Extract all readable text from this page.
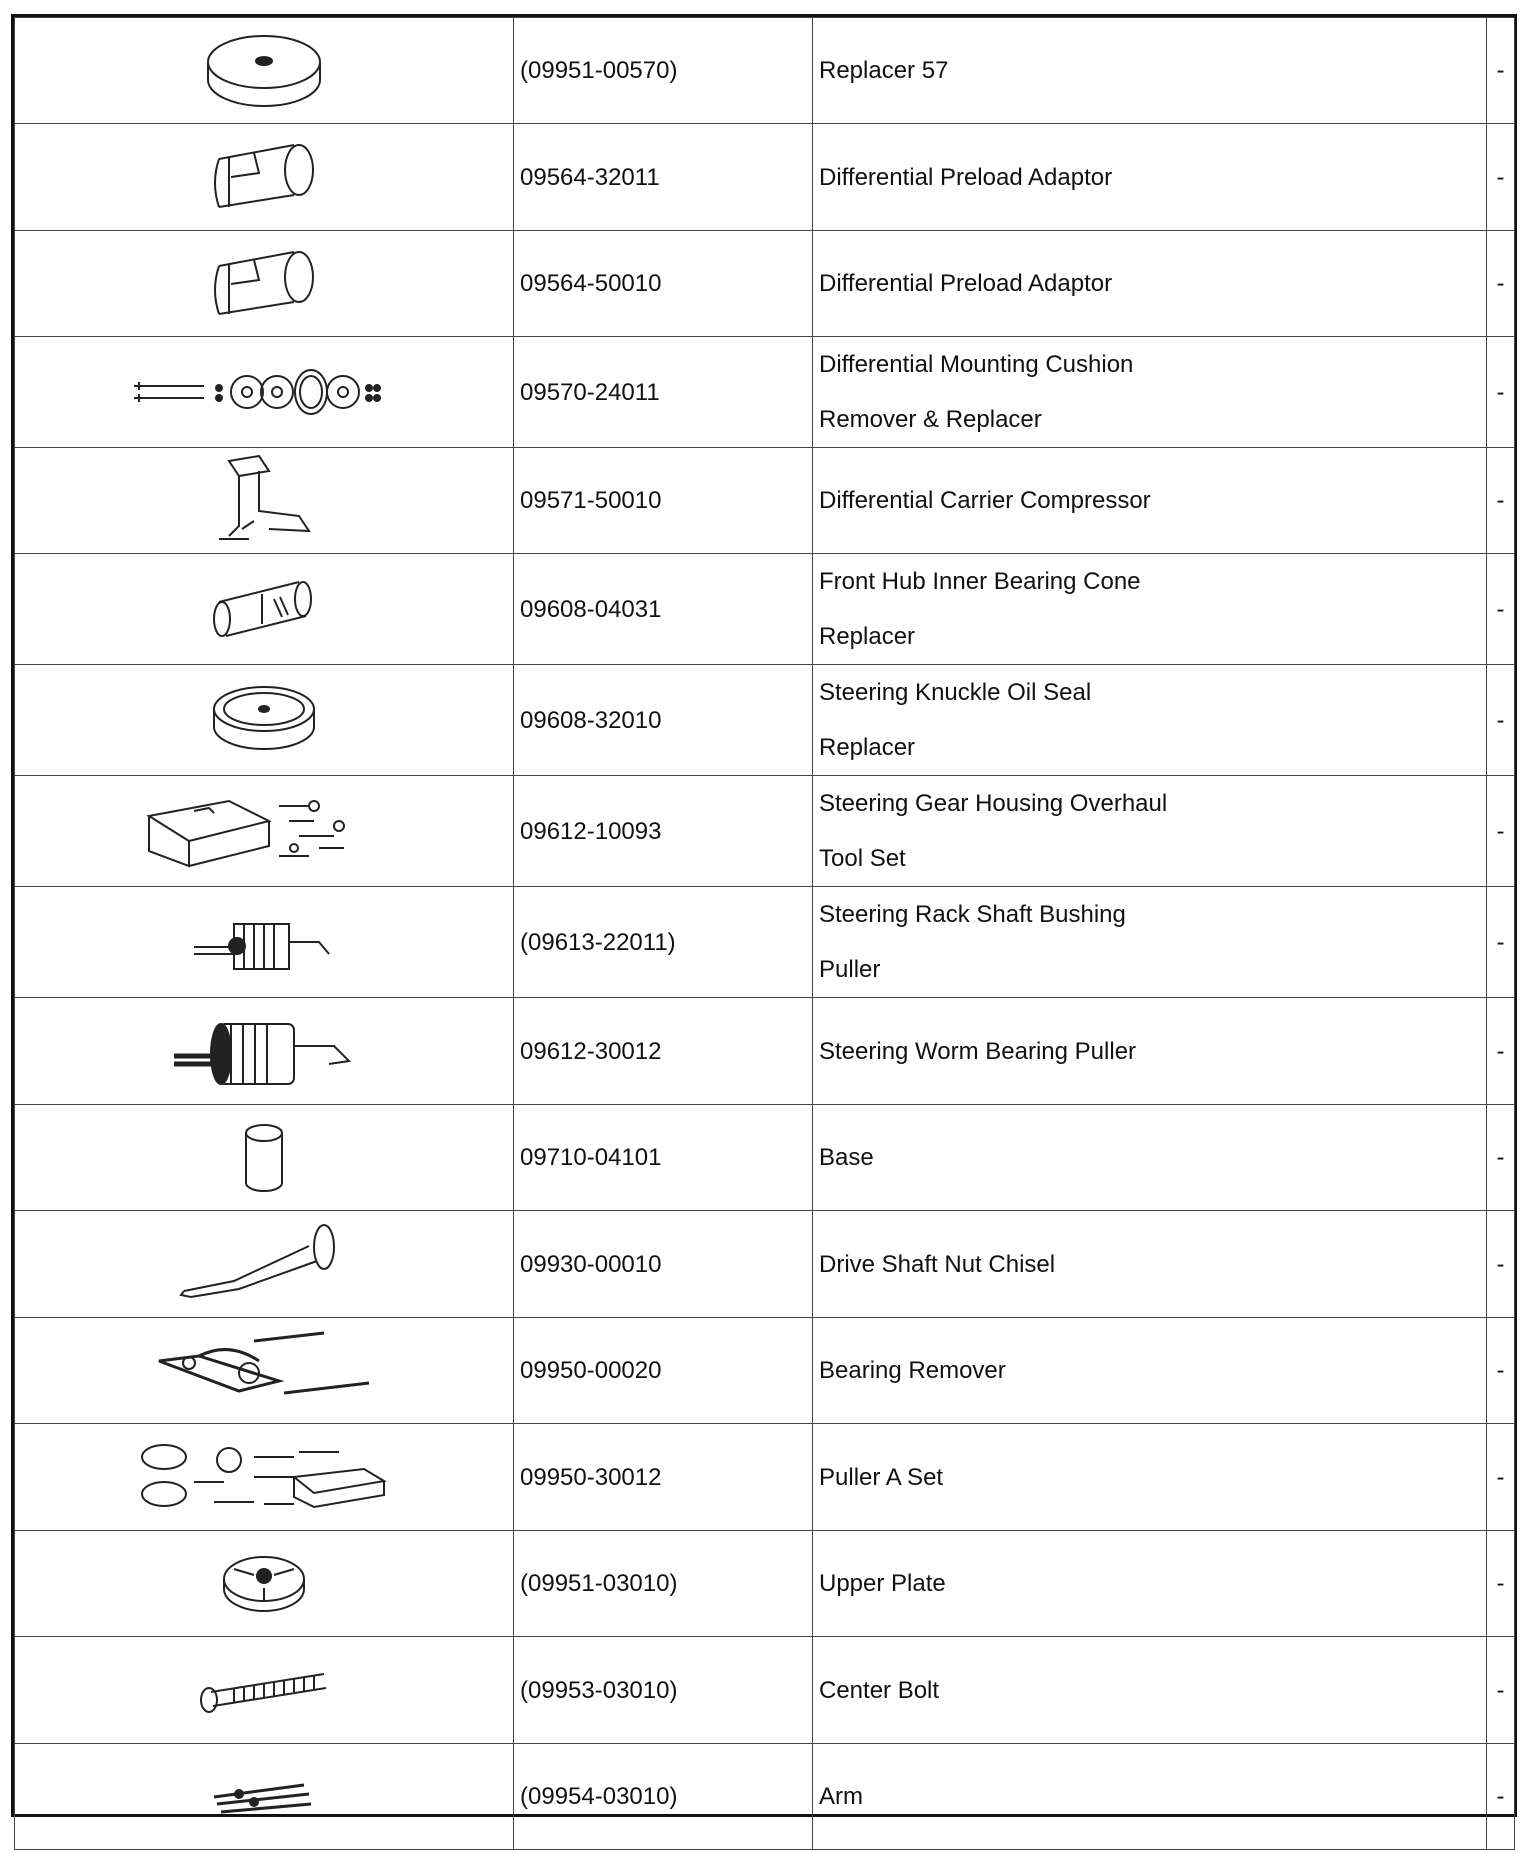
	(09951-00570)	Replacer 57	-

	09564-32011	Differential Preload Adaptor	-

	09564-50010	Differential Preload Adaptor	-

	09570-24011	Differential Mounting Cushion
Remover & Replacer	-

	09571-50010	Differential Carrier Compressor	-

	09608-04031	Front Hub Inner Bearing Cone
Replacer	-

	09608-32010	Steering Knuckle Oil Seal
Replacer	-

	09612-10093	Steering Gear Housing Overhaul
Tool Set	-

	(09613-22011)	Steering Rack Shaft Bushing
Puller	-

	09612-30012	Steering Worm Bearing Puller	-

	09710-04101	Base	-

	09930-00010	Drive Shaft Nut Chisel	-

	09950-00020	Bearing Remover	-

	09950-30012	Puller A Set	-

	(09951-03010)	Upper Plate	-

	(09953-03010)	Center Bolt	-

	(09954-03010)	Arm	-
